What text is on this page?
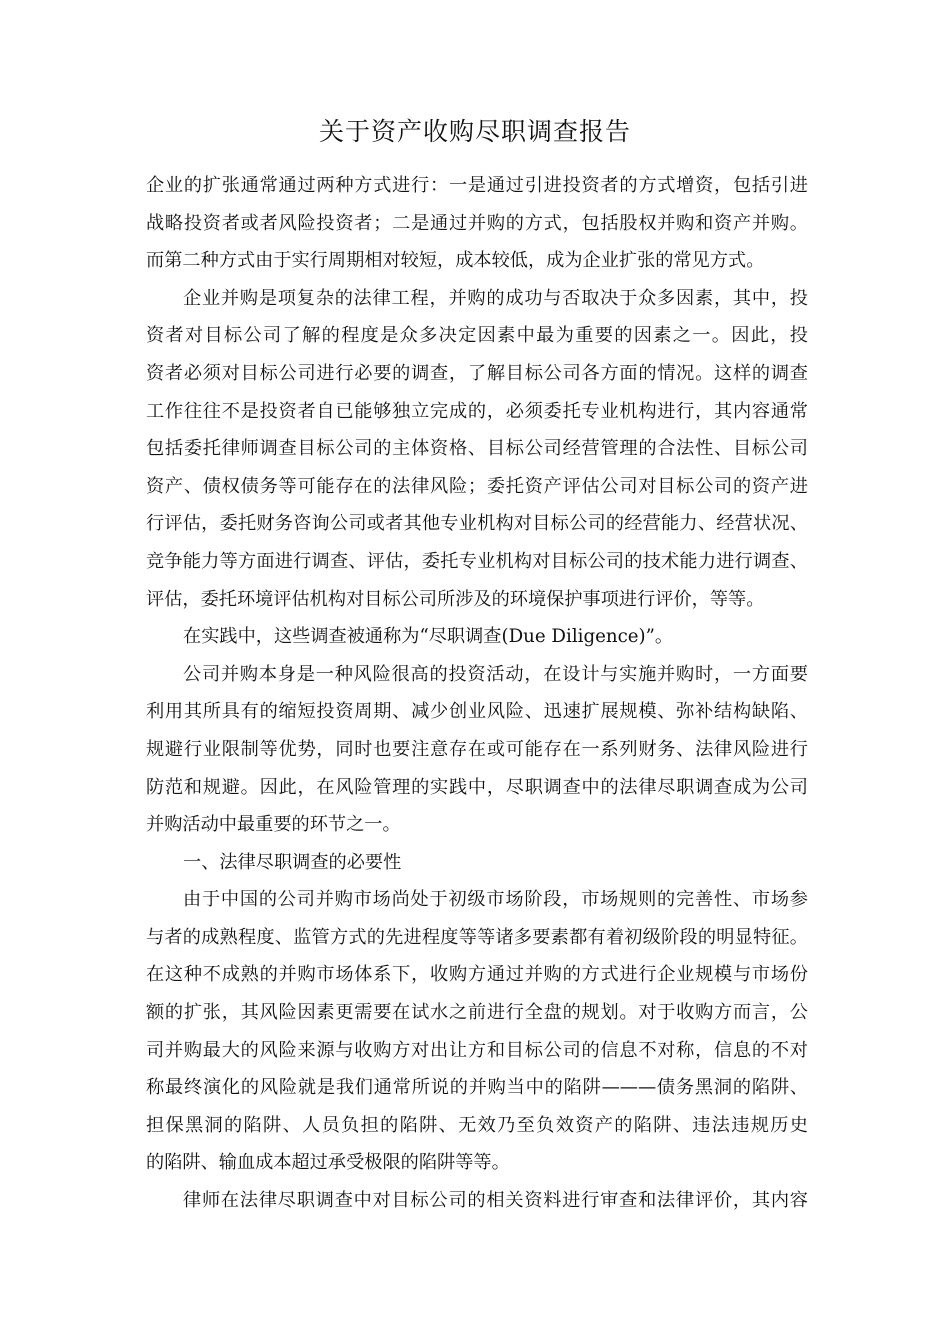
关于资产收购尽职调查报告
企业的扩张通常通过两种方式进行：一是通过引进投资者的方式增资，包括引进
战略投资者或者风险投资者；二是通过并购的方式，包括股权并购和资产并购。
而第二种方式由于实行周期相对较短，成本较低，成为企业扩张的常见方式。
企业并购是项复杂的法律工程，并购的成功与否取决于众多因素，其中，投
资者对目标公司了解的程度是众多决定因素中最为重要的因素之一。因此，投
资者必须对目标公司进行必要的调查，了解目标公司各方面的情况。这样的调查
工作往往不是投资者自已能够独立完成的，必须委托专业机构进行，其内容通常
包括委托律师调查目标公司的主体资格、目标公司经营管理的合法性、目标公司
资产、债权债务等可能存在的法律风险；委托资产评估公司对目标公司的资产进
行评估，委托财务咨询公司或者其他专业机构对目标公司的经营能力、经营状况、
竞争能力等方面进行调查、评估，委托专业机构对目标公司的技术能力进行调查、
评估，委托环境评估机构对目标公司所涉及的环境保护事项进行评价，等等。
在实践中，这些调查被通称为“尽职调查(Due Diligence)”。
公司并购本身是一种风险很高的投资活动，在设计与实施并购时，一方面要
利用其所具有的缩短投资周期、减少创业风险、迅速扩展规模、弥补结构缺陷、
规避行业限制等优势，同时也要注意存在或可能存在一系列财务、法律风险进行
防范和规避。因此，在风险管理的实践中，尽职调查中的法律尽职调查成为公司
并购活动中最重要的环节之一。
一、法律尽职调查的必要性
由于中国的公司并购市场尚处于初级市场阶段，市场规则的完善性、市场参
与者的成熟程度、监管方式的先进程度等等诸多要素都有着初级阶段的明显特征。
在这种不成熟的并购市场体系下，收购方通过并购的方式进行企业规模与市场份
额的扩张，其风险因素更需要在试水之前进行全盘的规划。对于收购方而言，公
司并购最大的风险来源与收购方对出让方和目标公司的信息不对称，信息的不对
称最终演化的风险就是我们通常所说的并购当中的陷阱———债务黑洞的陷阱、
担保黑洞的陷阱、人员负担的陷阱、无效乃至负效资产的陷阱、违法违规历史
的陷阱、输血成本超过承受极限的陷阱等等。
律师在法律尽职调查中对目标公司的相关资料进行审查和法律评价，其内容
